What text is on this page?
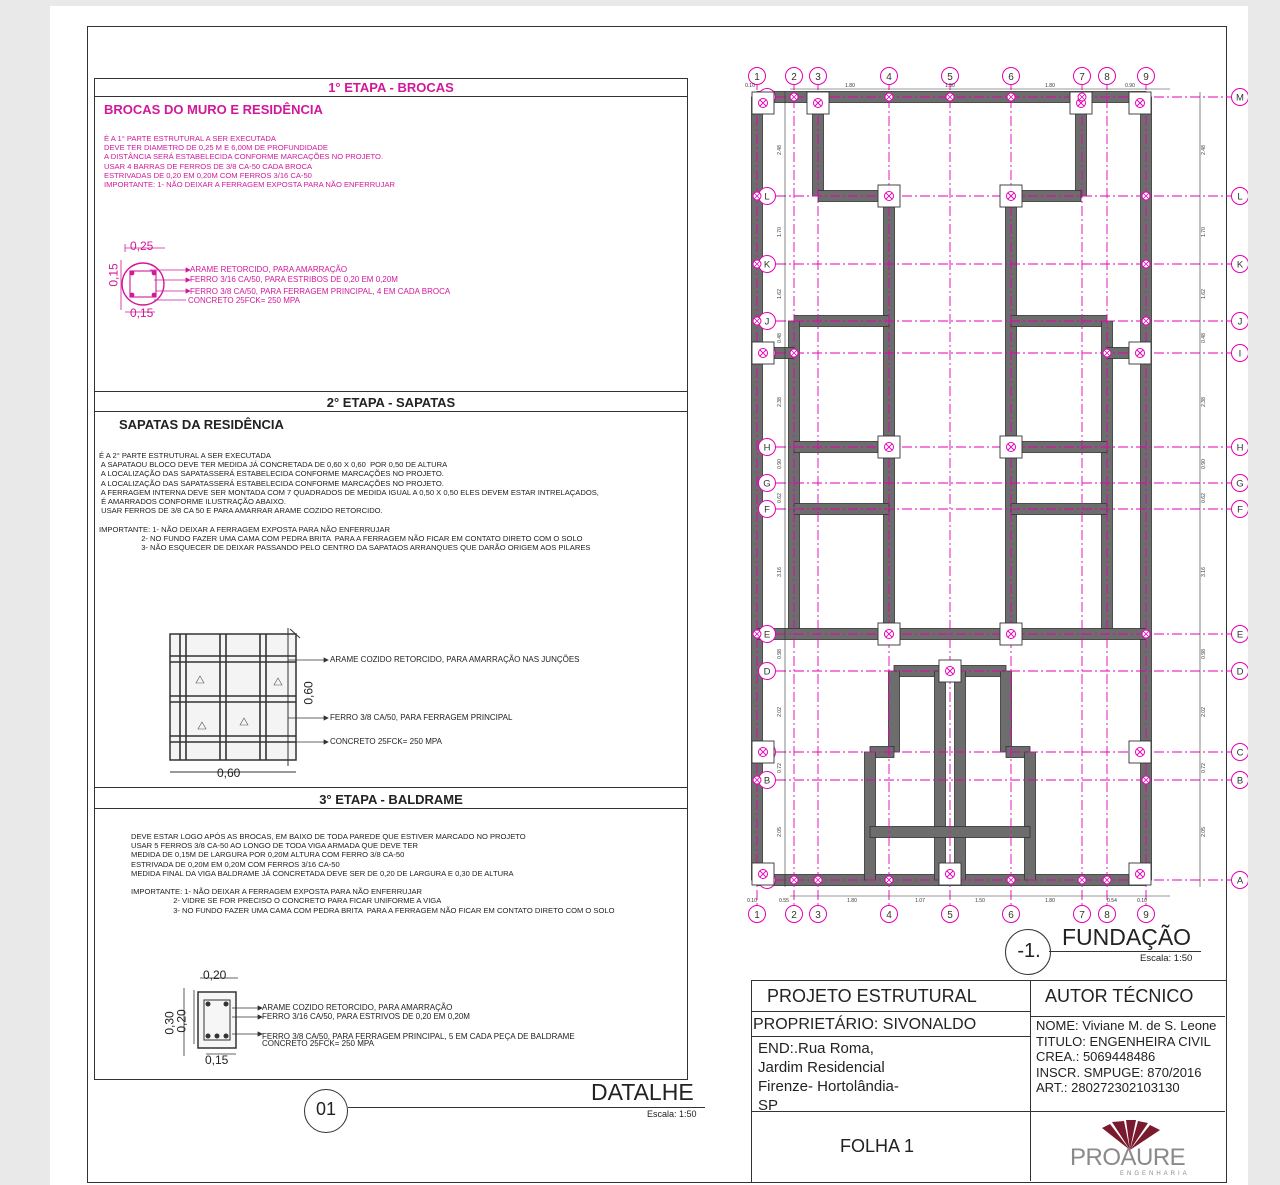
1° ETAPA - BROCAS
BROCAS DO MURO E RESIDÊNCIA
É A 1° PARTE ESTRUTURAL A SER EXECUTADA
DEVE TER DIAMETRO DE 0,25 M E 6,00M DE PROFUNDIDADE
A DISTÂNCIA SERÁ ESTABELECIDA CONFORME MARCAÇÕES NO PROJETO.
USAR 4 BARRAS DE FERROS DE 3/8 CA-50 CADA BROCA
ESTRIVADAS DE 0,20 EM 0,20M COM FERROS 3/16 CA-50
IMPORTANTE: 1- NÃO DEIXAR A FERRAGEM EXPOSTA PARA NÃO ENFERRUJAR
0,25
0,15
0,15
ARAME RETORCIDO, PARA AMARRAÇÃO
FERRO 3/16 CA/50, PARA ESTRIBOS DE 0,20 EM 0,20M
FERRO 3/8 CA/50, PARA FERRAGEM PRINCIPAL, 4 EM CADA BROCA
CONCRETO 25FCK= 250 MPA
2° ETAPA - SAPATAS
SAPATAS DA RESIDÊNCIA
É A 2° PARTE ESTRUTURAL A SER EXECUTADA
A SAPATAOU BLOCO DEVE TER MEDIDA JÁ CONCRETADA DE 0,60 X 0,60  POR 0,50 DE ALTURA
A LOCALIZAÇÃO DAS SAPATASSERÁ ESTABELECIDA CONFORME MARCAÇÕES NO PROJETO.
A LOCALIZAÇÃO DAS SAPATASSERÁ ESTABELECIDA CONFORME MARCAÇÕES NO PROJETO.
A FERRAGEM INTERNA DEVE SER MONTADA COM 7 QUADRADOS DE MEDIDA IGUAL A 0,50 X 0,50 ELES DEVEM ESTAR INTRELAÇADOS,
É AMARRADOS CONFORME ILUSTRAÇÃO ABAIXO.
USAR FERROS DE 3/8 CA 50 E PARA AMARRAR ARAME COZIDO RETORCIDO.

IMPORTANTE: 1- NÃO DEIXAR A FERRAGEM EXPOSTA PARA NÃO ENFERRUJAR
2- NO FUNDO FAZER UMA CAMA COM PEDRA BRITA  PARA A FERRAGEM NÃO FICAR EM CONTATO DIRETO COM O SOLO
3- NÃO ESQUECER DE DEIXAR PASSANDO PELO CENTRO DA SAPATAOS ARRANQUES QUE DARÃO ORIGEM AOS PILARES
0,60
0,60
ARAME COZIDO RETORCIDO, PARA AMARRAÇÃO NAS JUNÇÕES
FERRO 3/8 CA/50, PARA FERRAGEM PRINCIPAL
CONCRETO 25FCK= 250 MPA
3° ETAPA - BALDRAME
DEVE ESTAR LOGO APÓS AS BROCAS, EM BAIXO DE TODA PAREDE QUE ESTIVER MARCADO NO PROJETO
USAR 5 FERROS 3/8 CA-50 AO LONGO DE TODA VIGA ARMADA QUE DEVE TER
MEDIDA DE 0,15M DE LARGURA POR 0,20M ALTURA COM FERRO 3/8 CA-50
ESTRIVADA DE 0,20M EM 0,20M COM FERROS 3/16 CA-50
MEDIDA FINAL DA VIGA BALDRAME JÁ CONCRETADA DEVE SER DE 0,20 DE LARGURA E 0,30 DE ALTURA

IMPORTANTE: 1- NÃO DEIXAR A FERRAGEM EXPOSTA PARA NÃO ENFERRUJAR
2- VIDRE SE FOR PRECISO O CONCRETO PARA FICAR UNIFORME A VIGA
3- NO FUNDO FAZER UMA CAMA COM PEDRA BRITA  PARA A FERRAGEM NÃO FICAR EM CONTATO DIRETO COM O SOLO
0,20
0,30
0,20
0,15
ARAME COZIDO RETORCIDO, PARA AMARRAÇÃO
FERRO 3/16 CA/50, PARA ESTRIVOS DE 0,20 EM 0,20M
FERRO 3/8 CA/50, PARA FERRAGEM PRINCIPAL, 5 EM CADA PEÇA DE BALDRAME
CONCRETO 25FCK= 250 MPA
01
DATALHE
Escala: 1:50
1
1
2
2
3
3
4
4
5
5
6
6
7
7
8
8
9
9
M
L	L
K	K
J	J
I
H	H
G	G
F	F
E	E
D	D
C
B	B
A
0.10	1.80	1.50	1.80	0.90
0.10	0.55	1.80	1.07	1.50	1.80	0.54	0.10
2.48	2.48
1.70	1.70
1.62	1.62
0.48	0.48
2.38	2.38
0.90	0.90
0.62	0.62
3.16	3.16
0.98	0.98
2.02	2.02
0.72	0.72
2.05	2.05
-1.
FUNDAÇÃO
Escala: 1:50
PROJETO ESTRUTURAL	AUTOR TÉCNICO
PROPRIETÁRIO: SIVONALDO
END:.Rua Roma,
Jardim Residencial
Firenze- Hortolândia-
SP
NOME: Viviane M. de S. Leone
TITULO: ENGENHEIRA CIVIL
CREA.: 5069448486
INSCR. SMPUGE: 870/2016
ART.: 280272302103130
FOLHA 1	PROAURE
ENGENHARIA
